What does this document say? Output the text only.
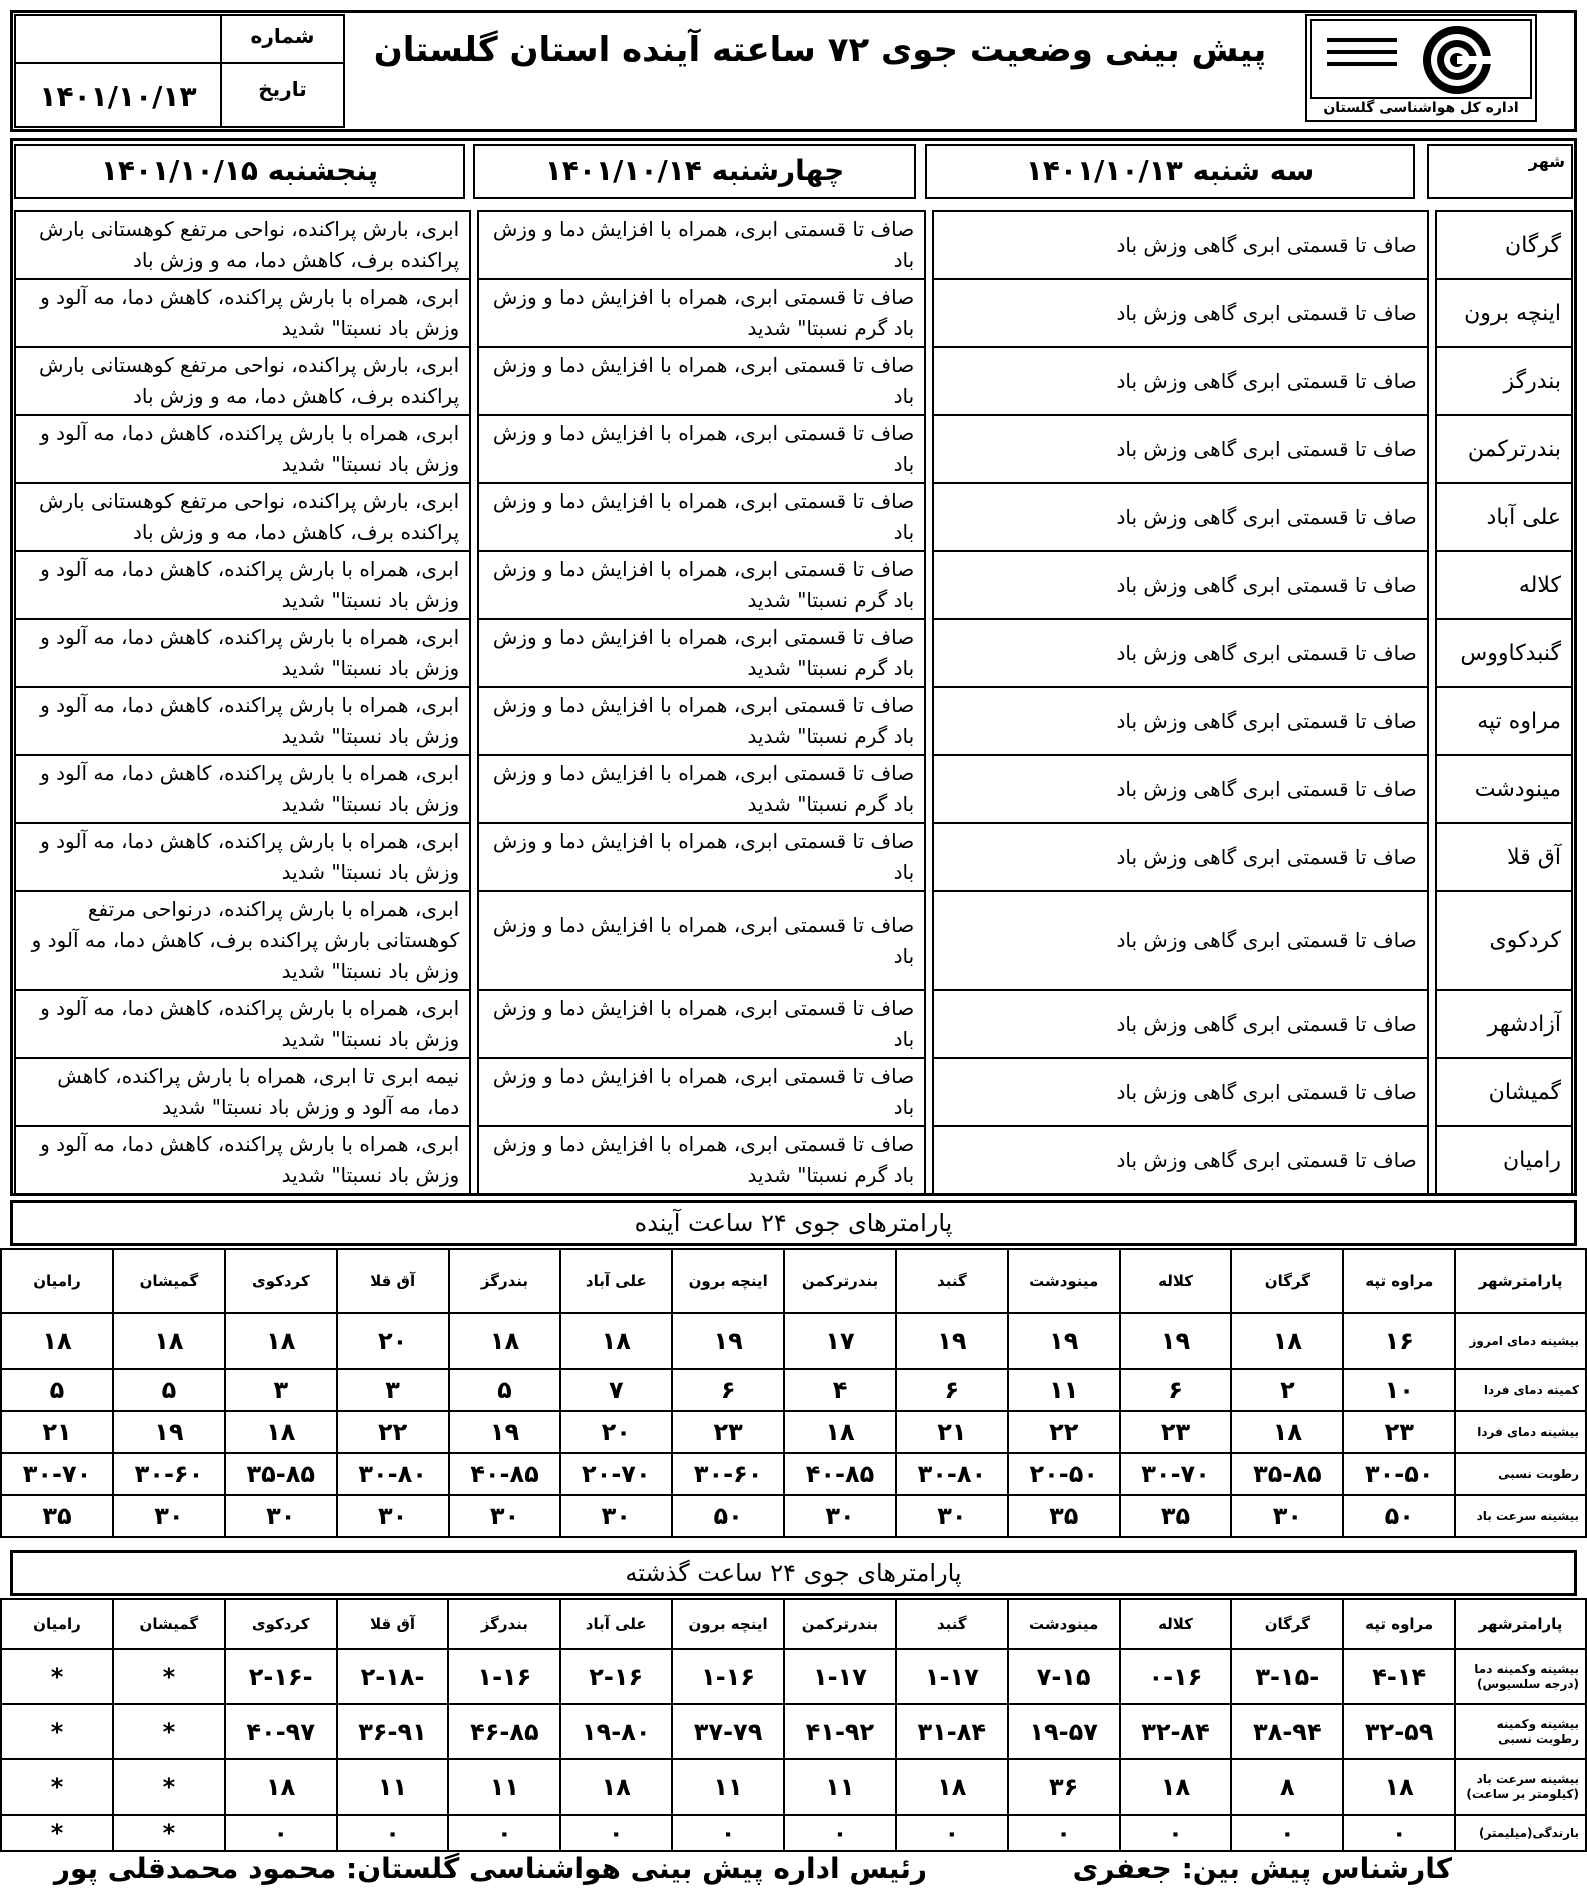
پیش بینی وضعیت جوی ۷۲ ساعته آینده استان گلستان
اداره کل هواشناسی گلستان
شماره
تاریخ
۱۴۰۱/۱۰/۱۳
شهر
سه شنبه ۱۴۰۱/۱۰/۱۳
چهارشنبه ۱۴۰۱/۱۰/۱۴
پنجشنبه ۱۴۰۱/۱۰/۱۵
گرگان		صاف تا قسمتی ابری گاهی وزش باد		صاف تا قسمتی ابری، همراه با افزایش دما و وزش باد		ابری، بارش پراکنده، نواحی مرتفع کوهستانی بارش پراکنده برف، کاهش دما، مه و وزش باد
اینچه برون		صاف تا قسمتی ابری گاهی وزش باد		صاف تا قسمتی ابری، همراه با افزایش دما و وزش باد گرم نسبتا" شدید		ابری، همراه با بارش پراکنده، کاهش دما، مه آلود و وزش باد نسبتا" شدید
بندرگز		صاف تا قسمتی ابری گاهی وزش باد		صاف تا قسمتی ابری، همراه با افزایش دما و وزش باد		ابری، بارش پراکنده، نواحی مرتفع کوهستانی بارش پراکنده برف، کاهش دما، مه و وزش باد
بندرترکمن		صاف تا قسمتی ابری گاهی وزش باد		صاف تا قسمتی ابری، همراه با افزایش دما و وزش باد		ابری، همراه با بارش پراکنده، کاهش دما، مه آلود و وزش باد نسبتا" شدید
علی آباد		صاف تا قسمتی ابری گاهی وزش باد		صاف تا قسمتی ابری، همراه با افزایش دما و وزش باد		ابری، بارش پراکنده، نواحی مرتفع کوهستانی بارش پراکنده برف، کاهش دما، مه و وزش باد
کلاله		صاف تا قسمتی ابری گاهی وزش باد		صاف تا قسمتی ابری، همراه با افزایش دما و وزش باد گرم نسبتا" شدید		ابری، همراه با بارش پراکنده، کاهش دما، مه آلود و وزش باد نسبتا" شدید
گنبدکاووس		صاف تا قسمتی ابری گاهی وزش باد		صاف تا قسمتی ابری، همراه با افزایش دما و وزش باد گرم نسبتا" شدید		ابری، همراه با بارش پراکنده، کاهش دما، مه آلود و وزش باد نسبتا" شدید
مراوه تپه		صاف تا قسمتی ابری گاهی وزش باد		صاف تا قسمتی ابری، همراه با افزایش دما و وزش باد گرم نسبتا" شدید		ابری، همراه با بارش پراکنده، کاهش دما، مه آلود و وزش باد نسبتا" شدید
مینودشت		صاف تا قسمتی ابری گاهی وزش باد		صاف تا قسمتی ابری، همراه با افزایش دما و وزش باد گرم نسبتا" شدید		ابری، همراه با بارش پراکنده، کاهش دما، مه آلود و وزش باد نسبتا" شدید
آق قلا		صاف تا قسمتی ابری گاهی وزش باد		صاف تا قسمتی ابری، همراه با افزایش دما و وزش باد		ابری، همراه با بارش پراکنده، کاهش دما، مه آلود و وزش باد نسبتا" شدید
کردکوی		صاف تا قسمتی ابری گاهی وزش باد		صاف تا قسمتی ابری، همراه با افزایش دما و وزش باد		ابری، همراه با بارش پراکنده، درنواحی مرتفع کوهستانی بارش پراکنده برف، کاهش دما، مه آلود و وزش باد نسبتا" شدید
آزادشهر		صاف تا قسمتی ابری گاهی وزش باد		صاف تا قسمتی ابری، همراه با افزایش دما و وزش باد		ابری، همراه با بارش پراکنده، کاهش دما، مه آلود و وزش باد نسبتا" شدید
گمیشان		صاف تا قسمتی ابری گاهی وزش باد		صاف تا قسمتی ابری، همراه با افزایش دما و وزش باد		نیمه ابری تا ابری، همراه با بارش پراکنده، کاهش دما، مه آلود و وزش باد نسبتا" شدید
رامیان		صاف تا قسمتی ابری گاهی وزش باد		صاف تا قسمتی ابری، همراه با افزایش دما و وزش باد گرم نسبتا" شدید		ابری، همراه با بارش پراکنده، کاهش دما، مه آلود و وزش باد نسبتا" شدید
پارامترهای جوی ۲۴ ساعت آینده
پارامترشهر	مراوه تپه	گرگان	کلاله	مینودشت	گنبد	بندرترکمن	اینچه برون	علی آباد	بندرگز	آق قلا	کردکوی	گمیشان	رامیان
بیشینه دمای امروز	۱۶	۱۸	۱۹	۱۹	۱۹	۱۷	۱۹	۱۸	۱۸	۲۰	۱۸	۱۸	۱۸
کمینه دمای فردا	۱۰	۲	۶	۱۱	۶	۴	۶	۷	۵	۳	۳	۵	۵
بیشینه دمای فردا	۲۳	۱۸	۲۳	۲۲	۲۱	۱۸	۲۳	۲۰	۱۹	۲۲	۱۸	۱۹	۲۱
رطوبت نسبی	۳۰-۵۰	۳۵-۸۵	۳۰-۷۰	۲۰-۵۰	۳۰-۸۰	۴۰-۸۵	۳۰-۶۰	۲۰-۷۰	۴۰-۸۵	۳۰-۸۰	۳۵-۸۵	۳۰-۶۰	۳۰-۷۰
بیشینه سرعت باد	۵۰	۳۰	۳۵	۳۵	۳۰	۳۰	۵۰	۳۰	۳۰	۳۰	۳۰	۳۰	۳۵
پارامترهای جوی ۲۴ ساعت گذشته
پارامترشهر	مراوه تپه	گرگان	کلاله	مینودشت	گنبد	بندرترکمن	اینچه برون	علی آباد	بندرگز	آق قلا	کردکوی	گمیشان	رامیان
بیشینه وکمینه دما (درجه سلسیوس)	۴-۱۴	-۳-۱۵	۰-۱۶	۷-۱۵	۱-۱۷	۱-۱۷	۱-۱۶	۲-۱۶	۱-۱۶	-۲-۱۸	-۲-۱۶	*	*
بیشینه وکمینه رطوبت نسبی	۳۲-۵۹	۳۸-۹۴	۳۲-۸۴	۱۹-۵۷	۳۱-۸۴	۴۱-۹۲	۳۷-۷۹	۱۹-۸۰	۴۶-۸۵	۳۶-۹۱	۴۰-۹۷	*	*
بیشینه سرعت باد (کیلومتر بر ساعت)	۱۸	۸	۱۸	۳۶	۱۸	۱۱	۱۱	۱۸	۱۱	۱۱	۱۸	*	*
بارندگی(میلیمتر)	۰	۰	۰	۰	۰	۰	۰	۰	۰	۰	۰	*	*
کارشناس پیش بین: جعفری
رئیس اداره پیش بینی هواشناسی گلستان: محمود محمدقلی پور
